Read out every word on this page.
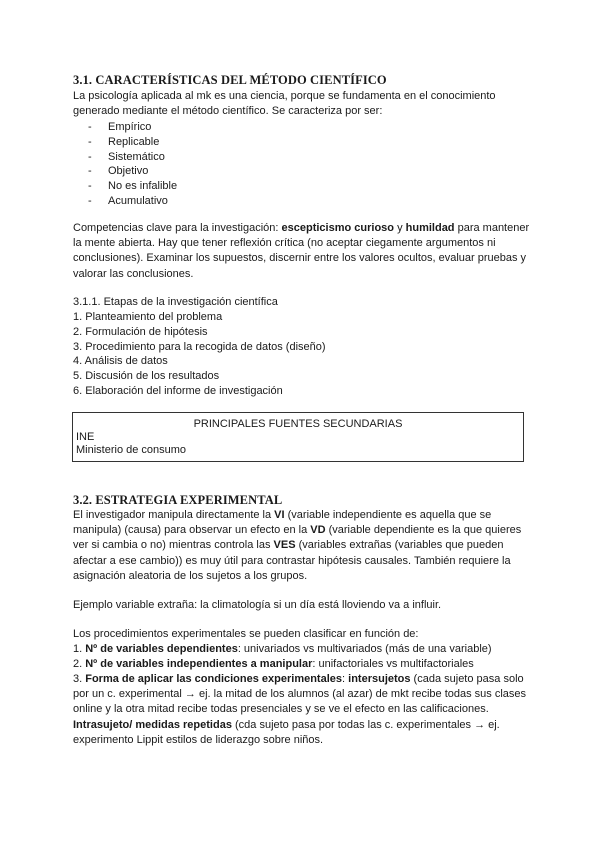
3.1. CARACTERÍSTICAS DEL MÉTODO CIENTÍFICO
La psicología aplicada al mk es una ciencia, porque se fundamenta en el conocimiento generado mediante el método científico. Se caracteriza por ser:
- Empírico
- Replicable
- Sistemático
- Objetivo
- No es infalible
- Acumulativo
Competencias clave para la investigación: escepticismo curioso y humildad para mantener la mente abierta. Hay que tener reflexión crítica (no aceptar ciegamente argumentos ni conclusiones). Examinar los supuestos, discernir entre los valores ocultos, evaluar pruebas y valorar las conclusiones.
3.1.1. Etapas de la investigación científica
1. Planteamiento del problema
2. Formulación de hipótesis
3. Procedimiento para la recogida de datos (diseño)
4. Análisis de datos
5. Discusión de los resultados
6. Elaboración del informe de investigación
PRINCIPALES FUENTES SECUNDARIAS
INE
Ministerio de consumo
3.2. ESTRATEGIA EXPERIMENTAL
El investigador manipula directamente la VI (variable independiente es aquella que se manipula) (causa) para observar un efecto en la VD (variable dependiente es la que quieres ver si cambia o no) mientras controla las VES (variables extrañas (variables que pueden afectar a ese cambio)) es muy útil para contrastar hipótesis causales. También requiere la asignación aleatoria de los sujetos a los grupos.
Ejemplo variable extraña: la climatología si un día está lloviendo va a influir.
Los procedimientos experimentales se pueden clasificar en función de:
1. Nº de variables dependientes: univariados vs multivariados (más de una variable)
2. Nº de variables independientes a manipular: unifactoriales vs multifactoriales
3. Forma de aplicar las condiciones experimentales: intersujetos (cada sujeto pasa solo por un c. experimental → ej. la mitad de los alumnos (al azar) de mkt recibe todas sus clases online y la otra mitad recibe todas presenciales y se ve el efecto en las calificaciones.
Intrasujeto/ medidas repetidas (cda sujeto pasa por todas las c. experimentales → ej. experimento Lippit estilos de liderazgo sobre niños.
